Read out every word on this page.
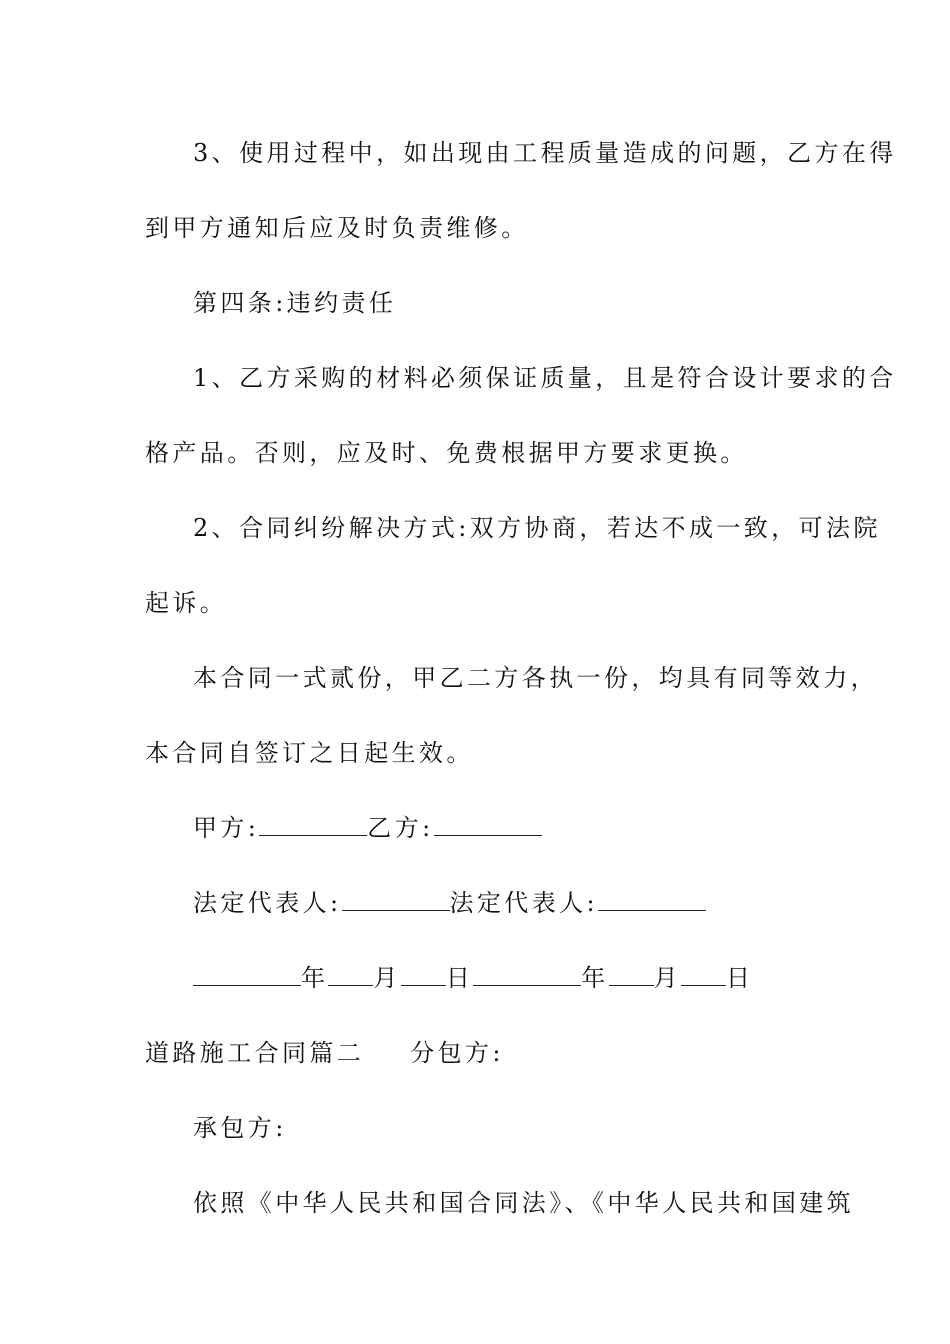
3、使用过程中，如出现由工程质量造成的问题，乙方在得
到甲方通知后应及时负责维修。
第四条:违约责任
1、乙方采购的材料必须保证质量，且是符合设计要求的合
格产品。否则，应及时、免费根据甲方要求更换。
2、合同纠纷解决方式:双方协商，若达不成一致，可法院
起诉。
本合同一式贰份，甲乙二方各执一份，均具有同等效力，
本合同自签订之日起生效。
甲方:	乙方:
法定代表人:	法定代表人:
年 月 日	年 月 日
道路施工合同篇二 分包方:
承包方:
依照《中华人民共和国合同法》、《中华人民共和国建筑
